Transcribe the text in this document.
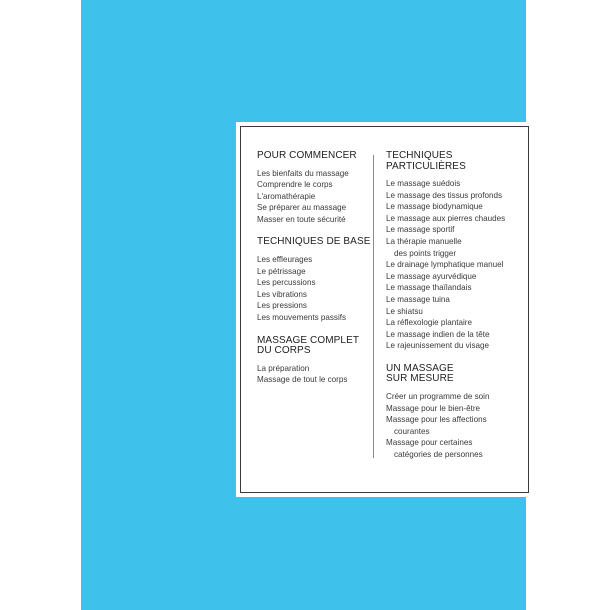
POUR COMMENCER
Les bienfaits du massage
Comprendre le corps
L'aromathérapie
Se préparer au massage
Masser en toute sécurité
TECHNIQUES DE BASE
Les effleurages
Le pétrissage
Les percussions
Les vibrations
Les pressions
Les mouvements passifs
MASSAGE COMPLET
DU CORPS
La préparation
Massage de tout le corps
TECHNIQUES
PARTICULIÈRES
Le massage suédois
Le massage des tissus profonds
Le massage biodynamique
Le massage aux pierres chaudes
Le massage sportif
La thérapie manuelle
des points trigger
Le drainage lymphatique manuel
Le massage ayurvédique
Le massage thaïlandais
Le massage tuina
Le shiatsu
La réflexologie plantaire
Le massage indien de la tête
Le rajeunissement du visage
UN MASSAGE
SUR MESURE
Créer un programme de soin
Massage pour le bien-être
Massage pour les affections
courantes
Massage pour certaines
catégories de personnes
